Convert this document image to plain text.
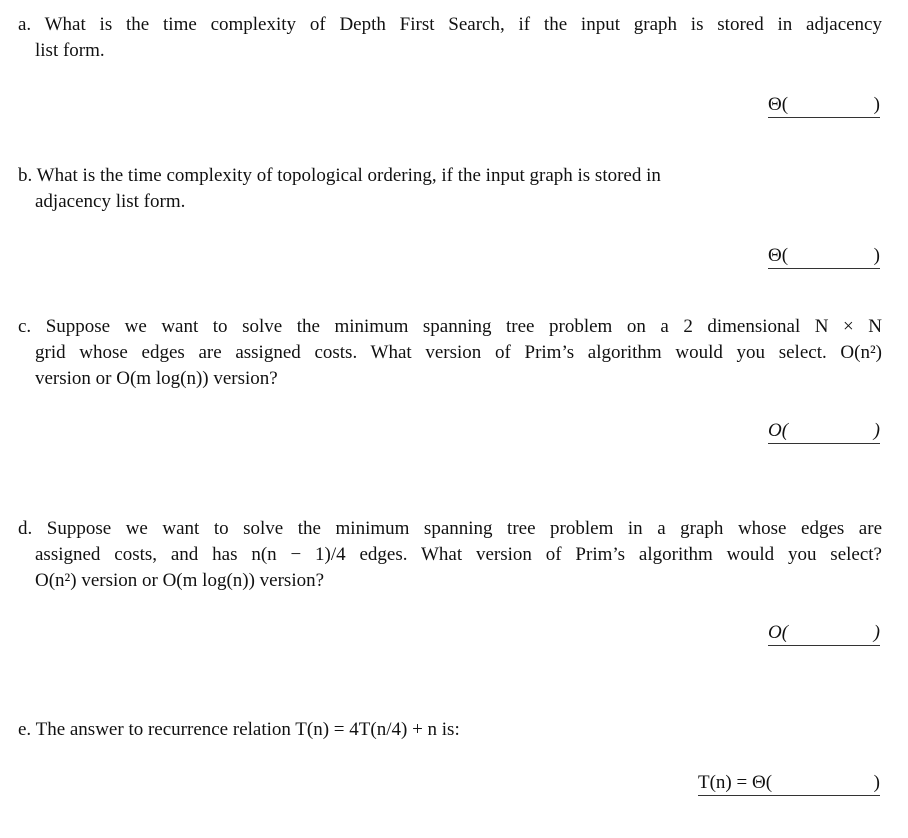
a. What is the time complexity of Depth First Search, if the input graph is stored in adjacency
list form.
Θ(	)
b. What is the time complexity of topological ordering, if the input graph is stored in
adjacency list form.
Θ(	)
c. Suppose we want to solve the minimum spanning tree problem on a 2 dimensional N × N
grid whose edges are assigned costs. What version of Prim’s algorithm would you select. O(n²)
version or O(m log(n)) version?
O(	)
d. Suppose we want to solve the minimum spanning tree problem in a graph whose edges are
assigned costs, and has n(n − 1)/4 edges. What version of Prim’s algorithm would you select?
O(n²) version or O(m log(n)) version?
O(	)
e. The answer to recurrence relation T(n) = 4T(n/4) + n is:
T(n) = Θ(	)
